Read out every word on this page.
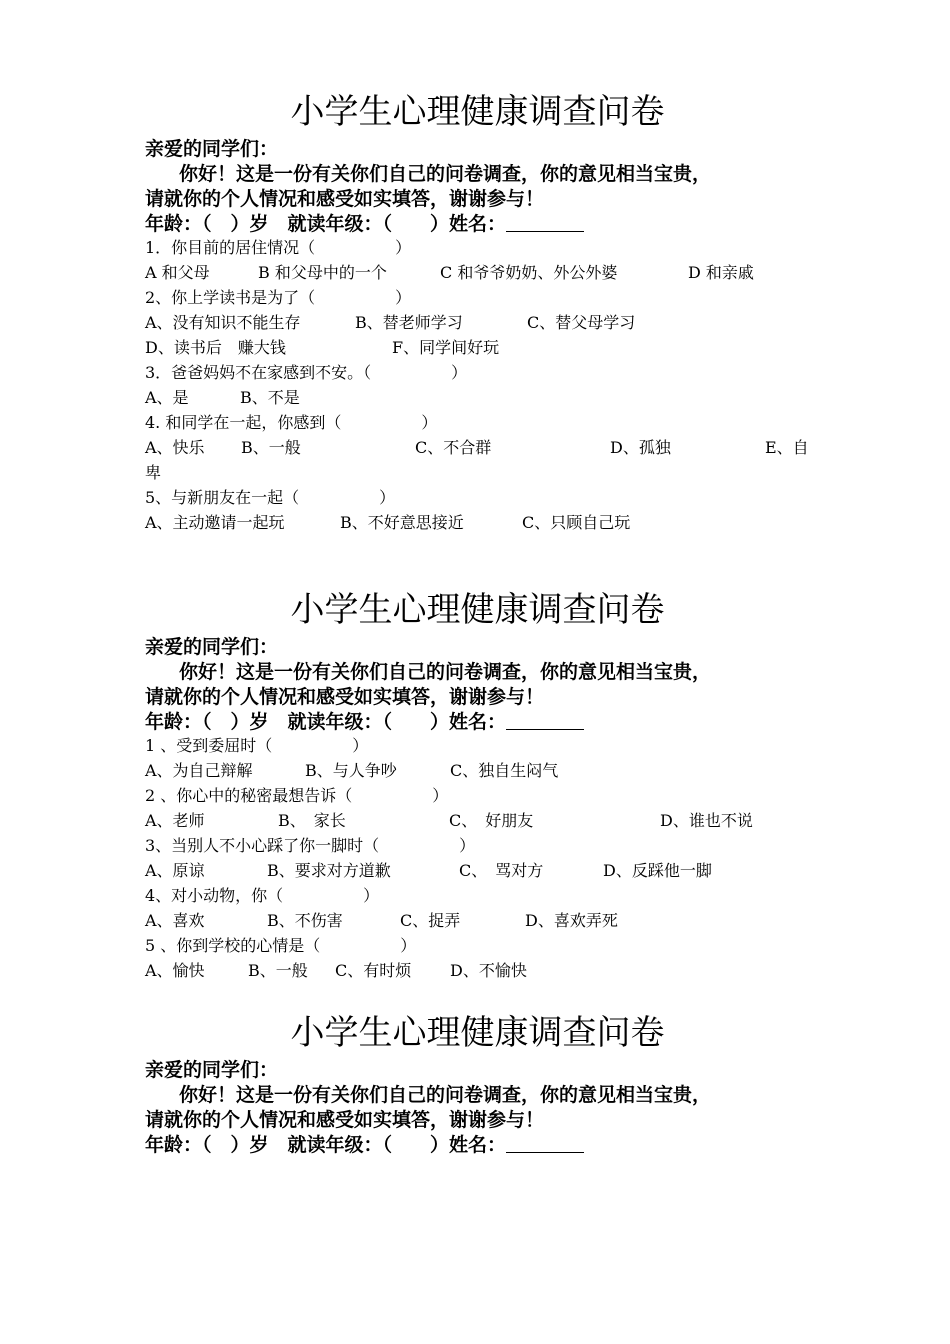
小学生心理健康调查问卷
亲爱的同学们：
你好！这是一份有关你们自己的问卷调查，你的意见相当宝贵，
请就你的个人情况和感受如实填答，谢谢参与！
年龄：（　）岁　就读年级：（　　）姓名：
1．你目前的居住情况（　　　　　）
A 和父母	B 和父母中的一个	C 和爷爷奶奶、外公外婆	D 和亲戚
2、你上学读书是为了（　　　　　）
A、没有知识不能生存	B、替老师学习	C、替父母学习
D、读书后　赚大钱	F、同学间好玩
3．爸爸妈妈不在家感到不安。（　　　　　）
A、是	B、不是
4. 和同学在一起，你感到（　　　　　）
A、快乐 B、一般	C、不合群	D、孤独	E、自
卑
5、与新朋友在一起（　　　　　）
A、主动邀请一起玩	B、不好意思接近	C、只顾自己玩
小学生心理健康调查问卷
亲爱的同学们：
你好！这是一份有关你们自己的问卷调查，你的意见相当宝贵，
请就你的个人情况和感受如实填答，谢谢参与！
年龄：（　）岁　就读年级：（　　）姓名：
1 、受到委屈时（　　　　　）
A、为自己辩解	B、与人争吵	C、独自生闷气
2 、你心中的秘密最想告诉（　　　　　）
A、老师	B、　家长	C、　好朋友	D、谁也不说
3、当别人不小心踩了你一脚时（　　　　　）
A、原谅	B、要求对方道歉	C、　骂对方	D、反踩他一脚
4、对小动物，你（　　　　　）
A、喜欢	B、不伤害	C、捉弄	D、喜欢弄死
5 、你到学校的心情是（　　　　　）
A、愉快	B、一般 C、有时烦 D、不愉快
小学生心理健康调查问卷
亲爱的同学们：
你好！这是一份有关你们自己的问卷调查，你的意见相当宝贵，
请就你的个人情况和感受如实填答，谢谢参与！
年龄：（　）岁　就读年级：（　　）姓名：
